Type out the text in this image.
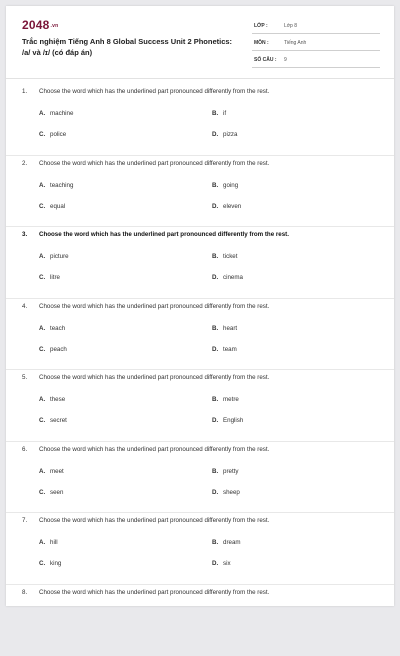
$2048^{.vn}$
Trắc nghiệm Tiếng Anh 8 Global Success Unit 2 Phonetics: /a/ và /ɪ/ (có đáp án)
LỚP :	Lớp 8
MÔN :	Tiếng Anh
SỐ CÂU : 9
1. Choose the word which has the underlined part pronounced differently from the rest.
A. machine	B. if
C. police	D. pizza
2. Choose the word which has the underlined part pronounced differently from the rest.
A. teaching	B. going
C. equal	D. eleven
3. Choose the word which has the underlined part pronounced differently from the rest.
A. picture	B. ticket
C. litre	D. cinema
4. Choose the word which has the underlined part pronounced differently from the rest.
A. teach	B. heart
C. peach	D. team
5. Choose the word which has the underlined part pronounced differently from the rest.
A. these	B. metre
C. secret	D. English
6. Choose the word which has the underlined part pronounced differently from the rest.
A. meet	B. pretty
C. seen	D. sheep
7. Choose the word which has the underlined part pronounced differently from the rest.
A. hill	B. dream
C. king	D. six
8. Choose the word which has the underlined part pronounced differently from the rest.
